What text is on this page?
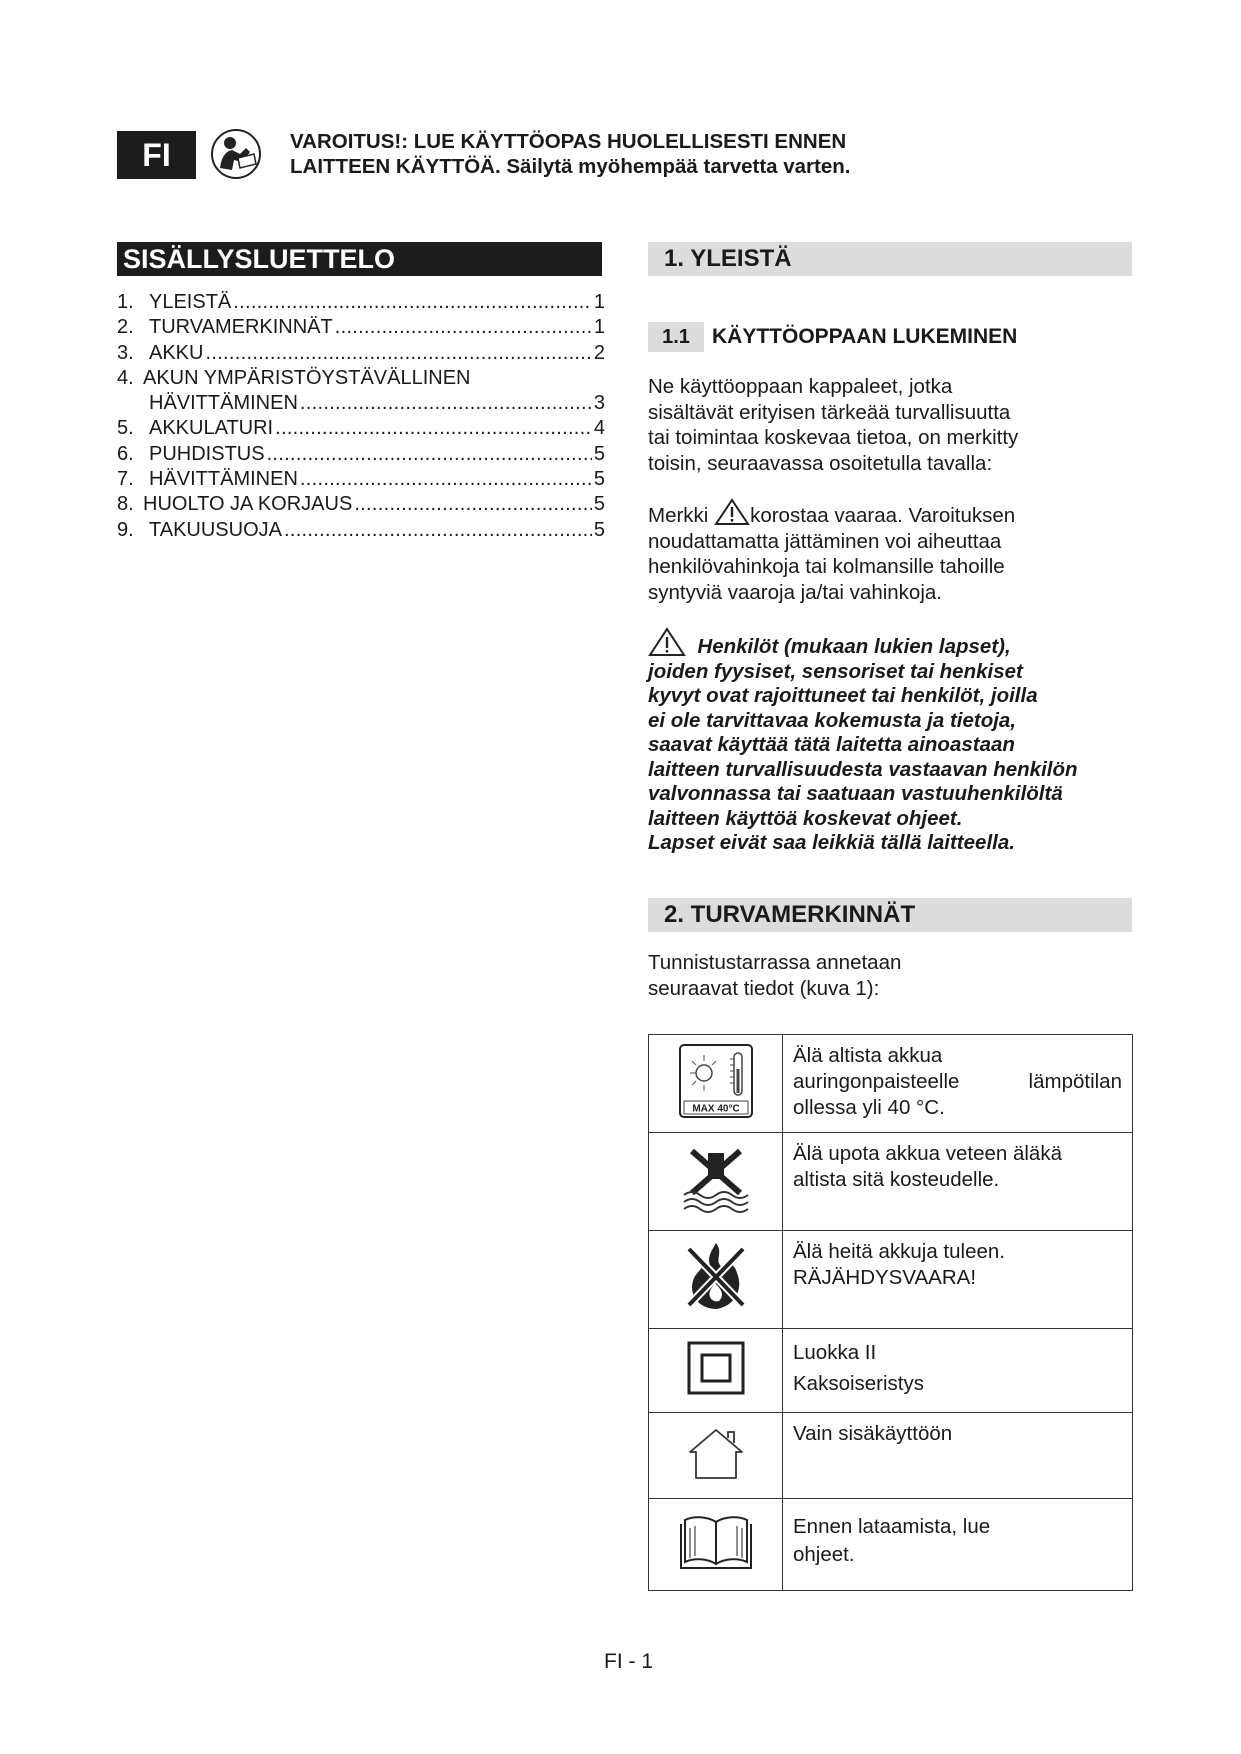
FI	VAROITUS!: LUE KÄYTTÖOPAS HUOLELLISESTI ENNEN
LAITTEEN KÄYTTÖÄ. Säilytä myöhempää tarvetta varten.
SISÄLLYSLUETTELO
1. YLEISTÄ .....	1
2. TURVAMERKINNÄT .....	1
3. AKKU .....	2
4. AKUN YMPÄRISTÖYSTÄVÄLLINEN
HÄVITTÄMINEN .....	3
5. AKKULATURI .....	4
6. PUHDISTUS .....	5
7. HÄVITTÄMINEN .....	5
8. HUOLTO JA KORJAUS .....	5
9. TAKUUSUOJA .....	5
1. YLEISTÄ
1.1	KÄYTTÖOPPAAN LUKEMINEN
Ne käyttöoppaan kappaleet, jotka
sisältävät erityisen tärkeää turvallisuutta
tai toimintaa koskevaa tietoa, on merkitty
toisin, seuraavassa osoitetulla tavalla:
Merkki korostaa vaaraa. Varoituksen
noudattamatta jättäminen voi aiheuttaa
henkilövahinkoja tai kolmansille tahoille
syntyviä vaaroja ja/tai vahinkoja.
Henkilöt (mukaan lukien lapset),
joiden fyysiset, sensoriset tai henkiset
kyvyt ovat rajoittuneet tai henkilöt, joilla
ei ole tarvittavaa kokemusta ja tietoja,
saavat käyttää tätä laitetta ainoastaan
laitteen turvallisuudesta vastaavan henkilön
valvonnassa tai saatuaan vastuuhenkilöltä
laitteen käyttöä koskevat ohjeet.
Lapset eivät saa leikkiä tällä laitteella.
2. TURVAMERKINNÄT
Tunnistustarrassa annetaan
seuraavat tiedot (kuva 1):
MAX 40°C	Älä altista akkua
auringonpaisteelle lämpötilan
ollessa yli 40 °C.

Älä upota akkua veteen äläkä
altista sitä kosteudelle.

Älä heitä akkuja tuleen.
RÄJÄHDYSVAARA!

Luokka II
Kaksoiseristys

Vain sisäkäyttöön

Ennen lataamista, lue
ohjeet.
FI - 1
